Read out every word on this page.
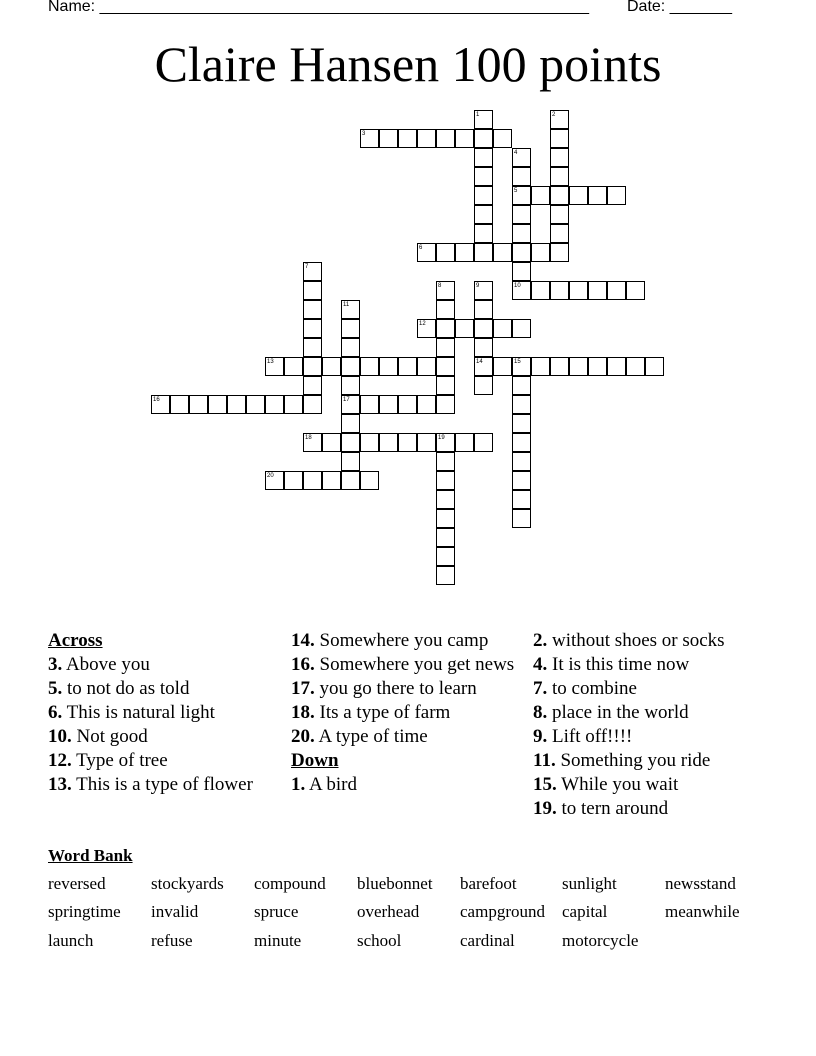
Name: _______________________________________________________ Date: _______
Claire Hansen 100 points
1	2
3
4
5
6
7
8	9	10
11
12
13	14	15
16	17
18	19
20
Across
3. Above you
5. to not do as told
6. This is natural light
10. Not good
12. Type of tree
13. This is a type of flower
14. Somewhere you camp
16. Somewhere you get news
17. you go there to learn
18. Its a type of farm
20. A type of time
Down
1. A bird
2. without shoes or socks
4. It is this time now
7. to combine
8. place in the world
9. Lift off!!!!
11. Something you ride
15. While you wait
19. to tern around
Word Bank
reversed	stockyards compound bluebonnet barefoot	sunlight	newsstand
springtime invalid	spruce	overhead campground capital	meanwhile
launch	refuse	minute	school	cardinal	motorcycle
